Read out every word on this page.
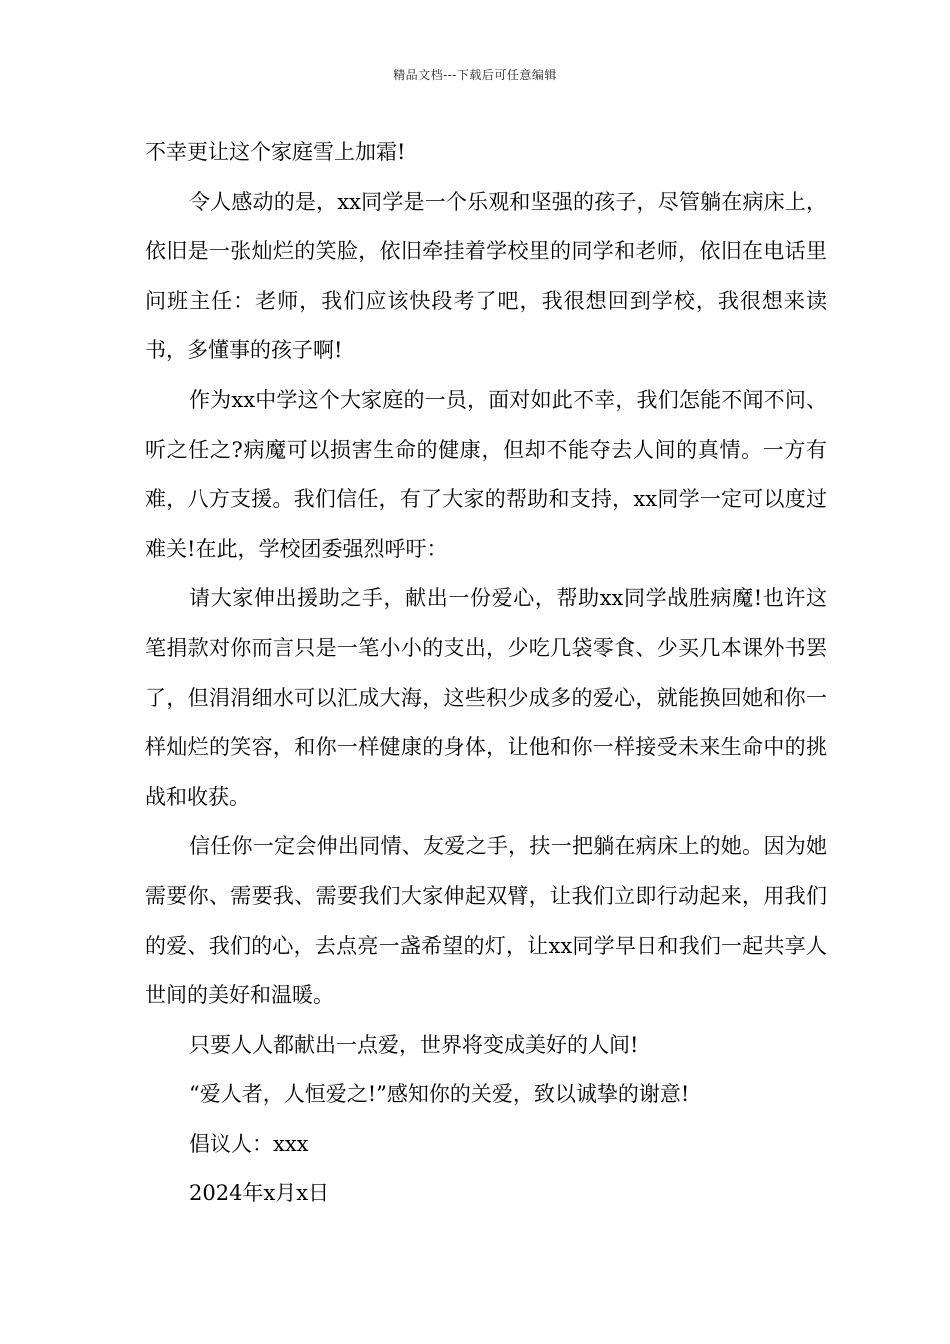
精品文档---下载后可任意编辑

不幸更让这个家庭雪上加霜!

令人感动的是，xx同学是一个乐观和坚强的孩子，尽管躺在病床上，依旧是一张灿烂的笑脸，依旧牵挂着学校里的同学和老师，依旧在电话里问班主任：老师，我们应该快段考了吧，我很想回到学校，我很想来读书，多懂事的孩子啊!

作为xx中学这个大家庭的一员，面对如此不幸，我们怎能不闻不问、听之任之?病魔可以损害生命的健康，但却不能夺去人间的真情。一方有难，八方支援。我们信任，有了大家的帮助和支持，xx同学一定可以度过难关!在此，学校团委强烈呼吁：

请大家伸出援助之手，献出一份爱心，帮助xx同学战胜病魔!也许这笔捐款对你而言只是一笔小小的支出，少吃几袋零食、少买几本课外书罢了，但涓涓细水可以汇成大海，这些积少成多的爱心，就能换回她和你一样灿烂的笑容，和你一样健康的身体，让他和你一样接受未来生命中的挑战和收获。

信任你一定会伸出同情、友爱之手，扶一把躺在病床上的她。因为她需要你、需要我、需要我们大家伸起双臂，让我们立即行动起来，用我们的爱、我们的心，去点亮一盏希望的灯，让xx同学早日和我们一起共享人世间的美好和温暖。

只要人人都献出一点爱，世界将变成美好的人间!

“爱人者，人恒爱之!”感知你的关爱，致以诚挚的谢意!

倡议人：xxx

2024年x月x日
